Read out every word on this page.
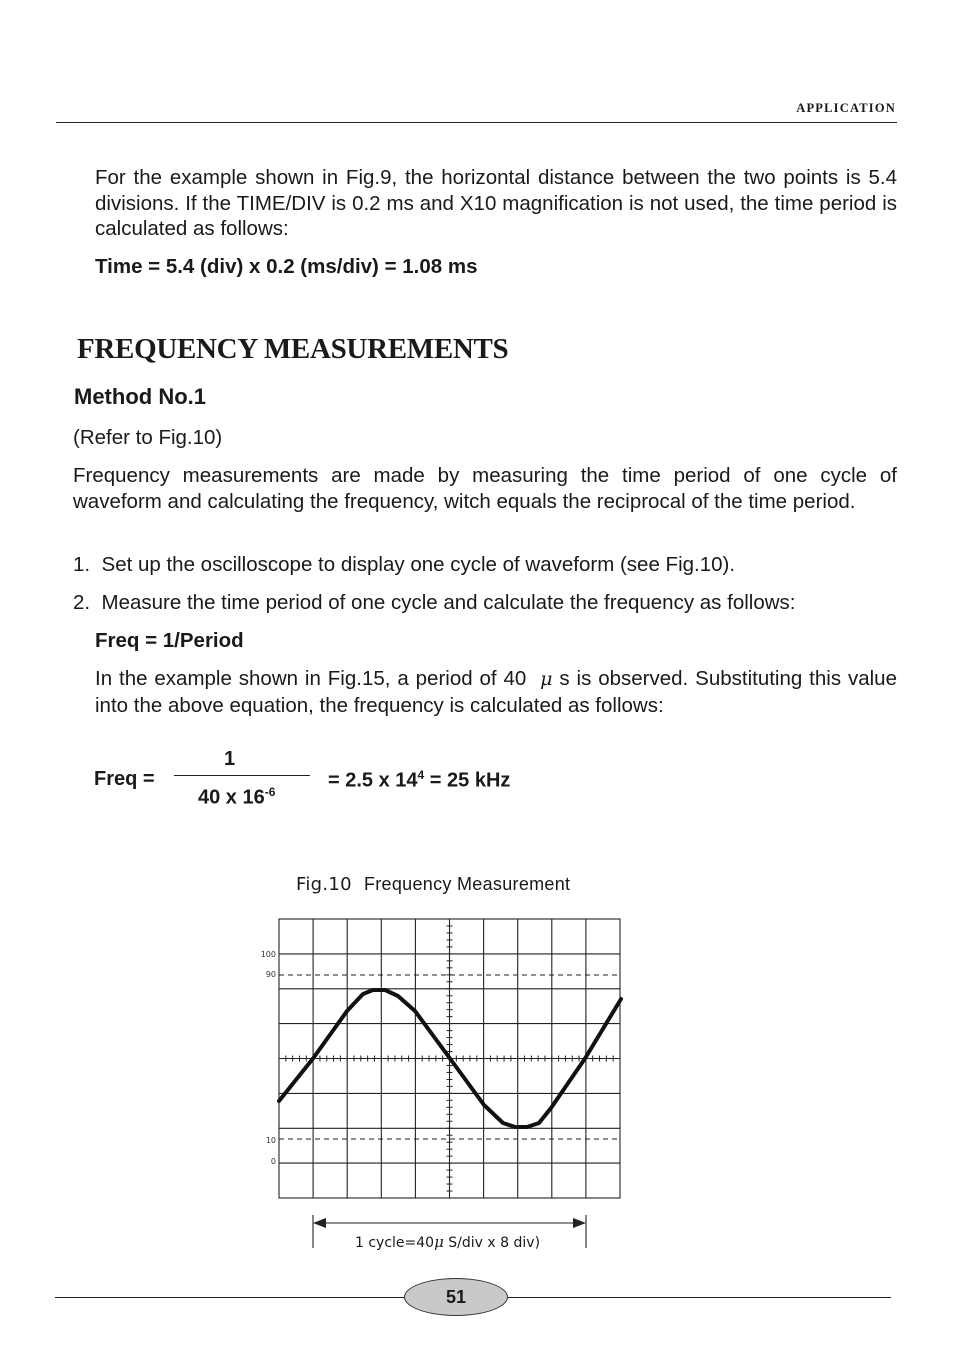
APPLICATION

For the example shown in Fig.9, the horizontal distance between the two points is 5.4 divisions. If the TIME/DIV is 0.2 ms and X10 magnification is not used, the time period is calculated as follows:

Time = 5.4 (div) x 0.2 (ms/div) = 1.08 ms

FREQUENCY MEASUREMENTS
Method No.1

(Refer to Fig.10)

Frequency measurements are made by measuring the time period of one cycle of waveform and calculating the frequency, witch equals the reciprocal of the time period.

1. Set up the oscilloscope to display one cycle of waveform (see Fig.10).
2. Measure the time period of one cycle and calculate the frequency as follows:

Freq = 1/Period

In the example shown in Fig.15, a period of 40 μ s is observed. Substituting this value into the above equation, the frequency is calculated as follows:

Freq =
1
40 x $16^{-6}$
= 2.5 x $14^4 = 25$ kHz
Fig.10 Frequency Measurement
100
90
10
0
1 cycle=40μ S/div x 8 div)
51
